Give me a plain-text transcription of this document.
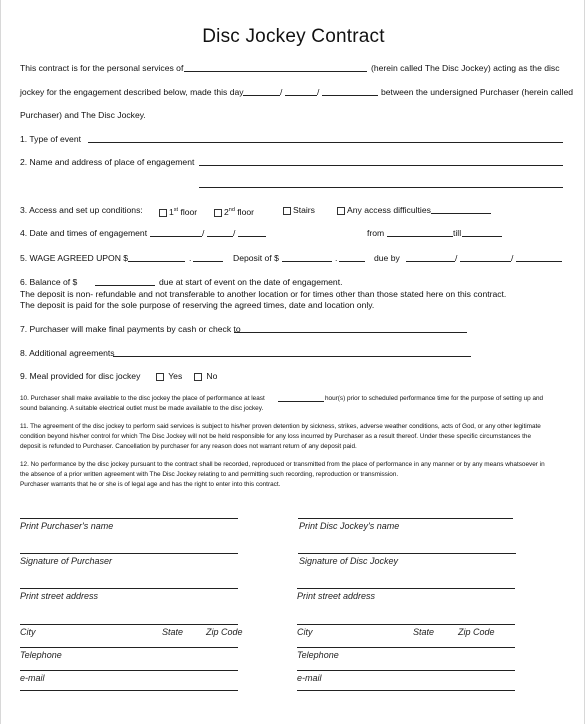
Disc Jockey Contract
This contract is for the personal services of	(herein called The Disc Jockey) acting as the disc
jockey for the engagement described below, made this day	/	/	between the undersigned Purchaser (herein called
Purchaser) and The Disc Jockey.
1. Type of event
2. Name and address of place of engagement
3. Access and set up conditions:	1st floor	2nd floor	Stairs	Any access difficulties
4. Date and times of engagement	/	/	from	till
5. WAGE AGREED UPON $	.	Deposit of $	.	due by	/	/
6. Balance of $	due at start of event on the date of engagement.
The deposit is non- refundable and not transferable to another location or for times other than those stated here on this contract.
The deposit is paid for the sole purpose of reserving the agreed times, date and location only.
7. Purchaser will make final payments by cash or check to
8. Additional agreements
9. Meal provided for disc jockey	Yes	No
10. Purchaser shall make available to the disc jockey the place of performance at least	hour(s) prior to scheduled performance time for the purpose of setting up and
sound balancing. A suitable electrical outlet must be made available to the disc jockey.
11. The agreement of the disc jockey to perform said services is subject to his/her proven detention by sickness, strikes, adverse weather conditions, acts of God, or any other legitimate
condition beyond his/her control for which The Disc Jockey will not be held responsible for any loss incurred by Purchaser as a result thereof. Under these specific circumstances the
deposit is refunded to Purchaser. Cancellation by purchaser for any reason does not warrant return of any deposit paid.
12. No performance by the disc jockey pursuant to the contract shall be recorded, reproduced or transmitted from the place of performance in any manner or by any means whatsoever in
the absence of a prior written agreement with The Disc Jockey relating to and permitting such recording, reproduction or transmission.
Purchaser warrants that he or she is of legal age and has the right to enter into this contract.
Print Purchaser's name
Signature of Purchaser
Print street address
City	State	Zip Code
Telephone
e-mail
Print Disc Jockey's name
Signature of Disc Jockey
Print street address
City	State	Zip Code
Telephone
e-mail
